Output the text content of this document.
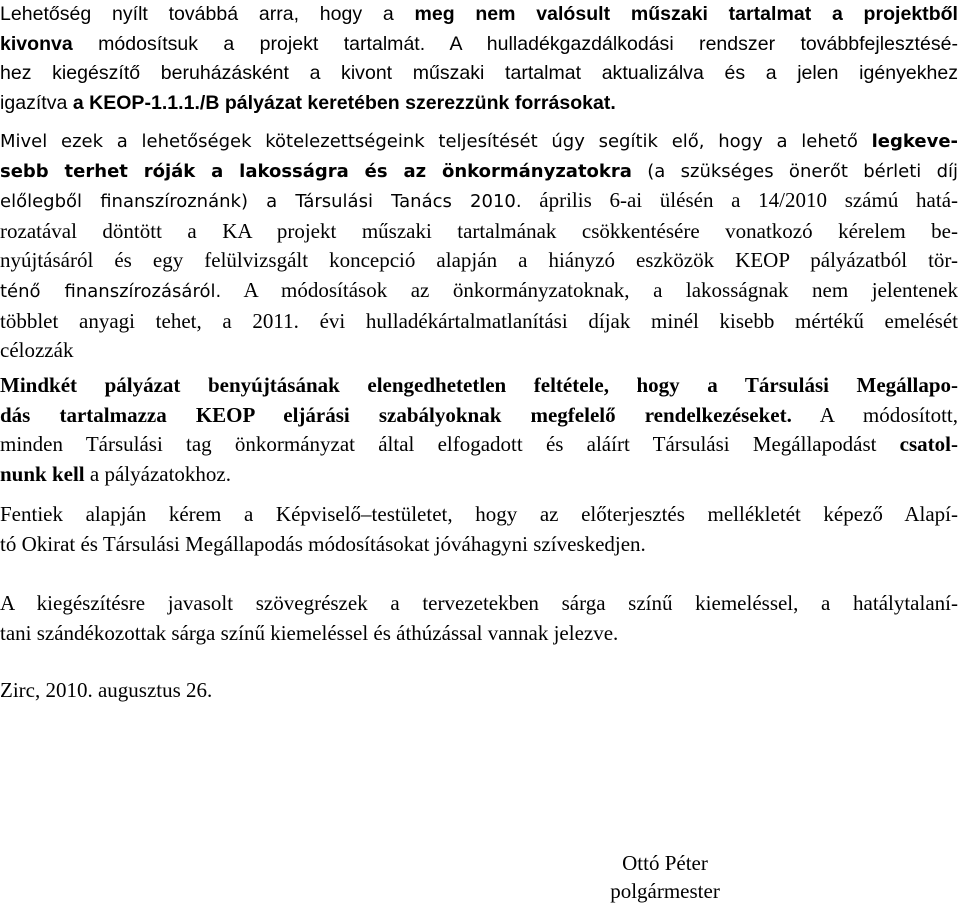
Lehetőség nyílt továbbá arra, hogy a meg nem valósult műszaki tartalmat a projektből
kivonva módosítsuk a projekt tartalmát. A hulladékgazdálkodási rendszer továbbfejlesztésé-
hez kiegészítő beruházásként a kivont műszaki tartalmat aktualizálva és a jelen igényekhez
igazítva a KEOP-1.1.1./B pályázat keretében szerezzünk forrásokat.

Mivel ezek a lehetőségek kötelezettségeink teljesítését úgy segítik elő, hogy a lehető legkeve-
sebb terhet róják a lakosságra és az önkormányzatokra (a szükséges önerőt bérleti díj
előlegből finanszíroznánk) a Társulási Tanács 2010. április 6-ai ülésén a 14/2010 számú hatá-
rozatával döntött a KA projekt műszaki tartalmának csökkentésére vonatkozó kérelem be-
nyújtásáról és egy felülvizsgált koncepció alapján a hiányzó eszközök KEOP pályázatból tör-
ténő finanszírozásáról. A módosítások az önkormányzatoknak, a lakosságnak nem jelentenek
többlet anyagi tehet, a 2011. évi hulladékártalmatlanítási díjak minél kisebb mértékű emelését
célozzák

Mindkét pályázat benyújtásának elengedhetetlen feltétele, hogy a Társulási Megállapo-
dás tartalmazza KEOP eljárási szabályoknak megfelelő rendelkezéseket. A módosított,
minden Társulási tag önkormányzat által elfogadott és aláírt Társulási Megállapodást csatol-
nunk kell a pályázatokhoz.

Fentiek alapján kérem a Képviselő–testületet, hogy az előterjesztés mellékletét képező Alapí-
tó Okirat és Társulási Megállapodás módosításokat jóváhagyni szíveskedjen.

A kiegészítésre javasolt szövegrészek a tervezetekben sárga színű kiemeléssel, a hatálytalaní-
tani szándékozottak sárga színű kiemeléssel és áthúzással vannak jelezve.

Zirc, 2010. augusztus 26.

Ottó Péter
polgármester
